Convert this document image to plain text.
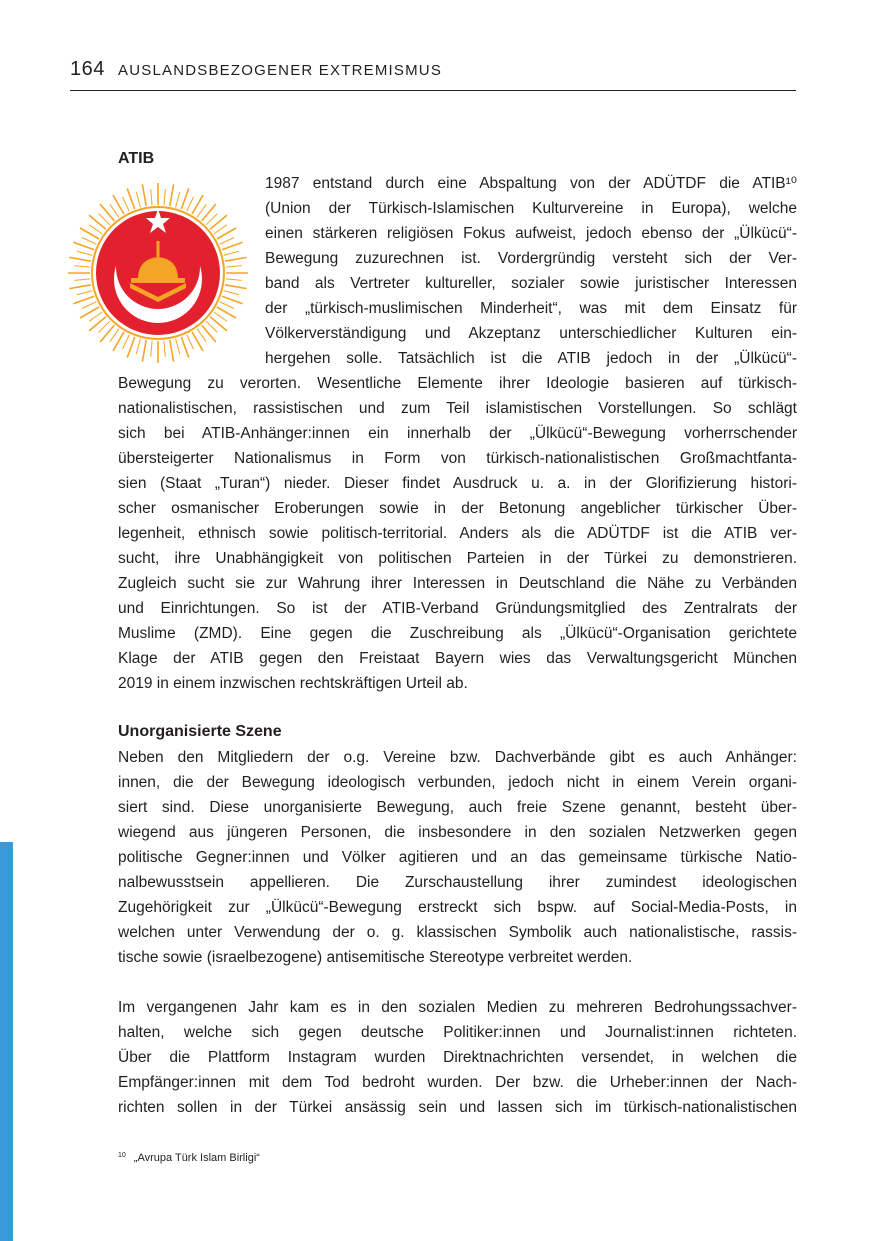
164 AUSLANDSBEZOGENER EXTREMISMUS
ATIB
1987 entstand durch eine Abspaltung von der ADÜTDF die ATIB¹⁰
(Union der Türkisch-Islamischen Kulturvereine in Europa), welche
einen stärkeren religiösen Fokus aufweist, jedoch ebenso der „Ülkücü“-
Bewegung zuzurechnen ist. Vordergründig versteht sich der Ver-
band als Vertreter kultureller, sozialer sowie juristischer Interessen
der „türkisch-muslimischen Minderheit“, was mit dem Einsatz für
Völkerverständigung und Akzeptanz unterschiedlicher Kulturen ein-
hergehen solle. Tatsächlich ist die ATIB jedoch in der „Ülkücü“-
Bewegung zu verorten. Wesentliche Elemente ihrer Ideologie basieren auf türkisch-
nationalistischen, rassistischen und zum Teil islamistischen Vorstellungen. So schlägt
sich bei ATIB-Anhänger:innen ein innerhalb der „Ülkücü“-Bewegung vorherrschender
übersteigerter Nationalismus in Form von türkisch-nationalistischen Großmachtfanta-
sien (Staat „Turan“) nieder. Dieser findet Ausdruck u. a. in der Glorifizierung histori-
scher osmanischer Eroberungen sowie in der Betonung angeblicher türkischer Über-
legenheit, ethnisch sowie politisch-territorial. Anders als die ADÜTDF ist die ATIB ver-
sucht, ihre Unabhängigkeit von politischen Parteien in der Türkei zu demonstrieren.
Zugleich sucht sie zur Wahrung ihrer Interessen in Deutschland die Nähe zu Verbänden
und Einrichtungen. So ist der ATIB-Verband Gründungsmitglied des Zentralrats der
Muslime (ZMD). Eine gegen die Zuschreibung als „Ülkücü“-Organisation gerichtete
Klage der ATIB gegen den Freistaat Bayern wies das Verwaltungsgericht München
2019 in einem inzwischen rechtskräftigen Urteil ab.
Unorganisierte Szene
Neben den Mitgliedern der o.g. Vereine bzw. Dachverbände gibt es auch Anhänger:
innen, die der Bewegung ideologisch verbunden, jedoch nicht in einem Verein organi-
siert sind. Diese unorganisierte Bewegung, auch freie Szene genannt, besteht über-
wiegend aus jüngeren Personen, die insbesondere in den sozialen Netzwerken gegen
politische Gegner:innen und Völker agitieren und an das gemeinsame türkische Natio-
nalbewusstsein appellieren. Die Zurschaustellung ihrer zumindest ideologischen
Zugehörigkeit zur „Ülkücü“-Bewegung erstreckt sich bspw. auf Social-Media-Posts, in
welchen unter Verwendung der o. g. klassischen Symbolik auch nationalistische, rassis-
tische sowie (israelbezogene) antisemitische Stereotype verbreitet werden.
Im vergangenen Jahr kam es in den sozialen Medien zu mehreren Bedrohungssachver-
halten, welche sich gegen deutsche Politiker:innen und Journalist:innen richteten.
Über die Plattform Instagram wurden Direktnachrichten versendet, in welchen die
Empfänger:innen mit dem Tod bedroht wurden. Der bzw. die Urheber:innen der Nach-
richten sollen in der Türkei ansässig sein und lassen sich im türkisch-nationalistischen
$^{10}$ „Avrupa Türk Islam Birligi“
